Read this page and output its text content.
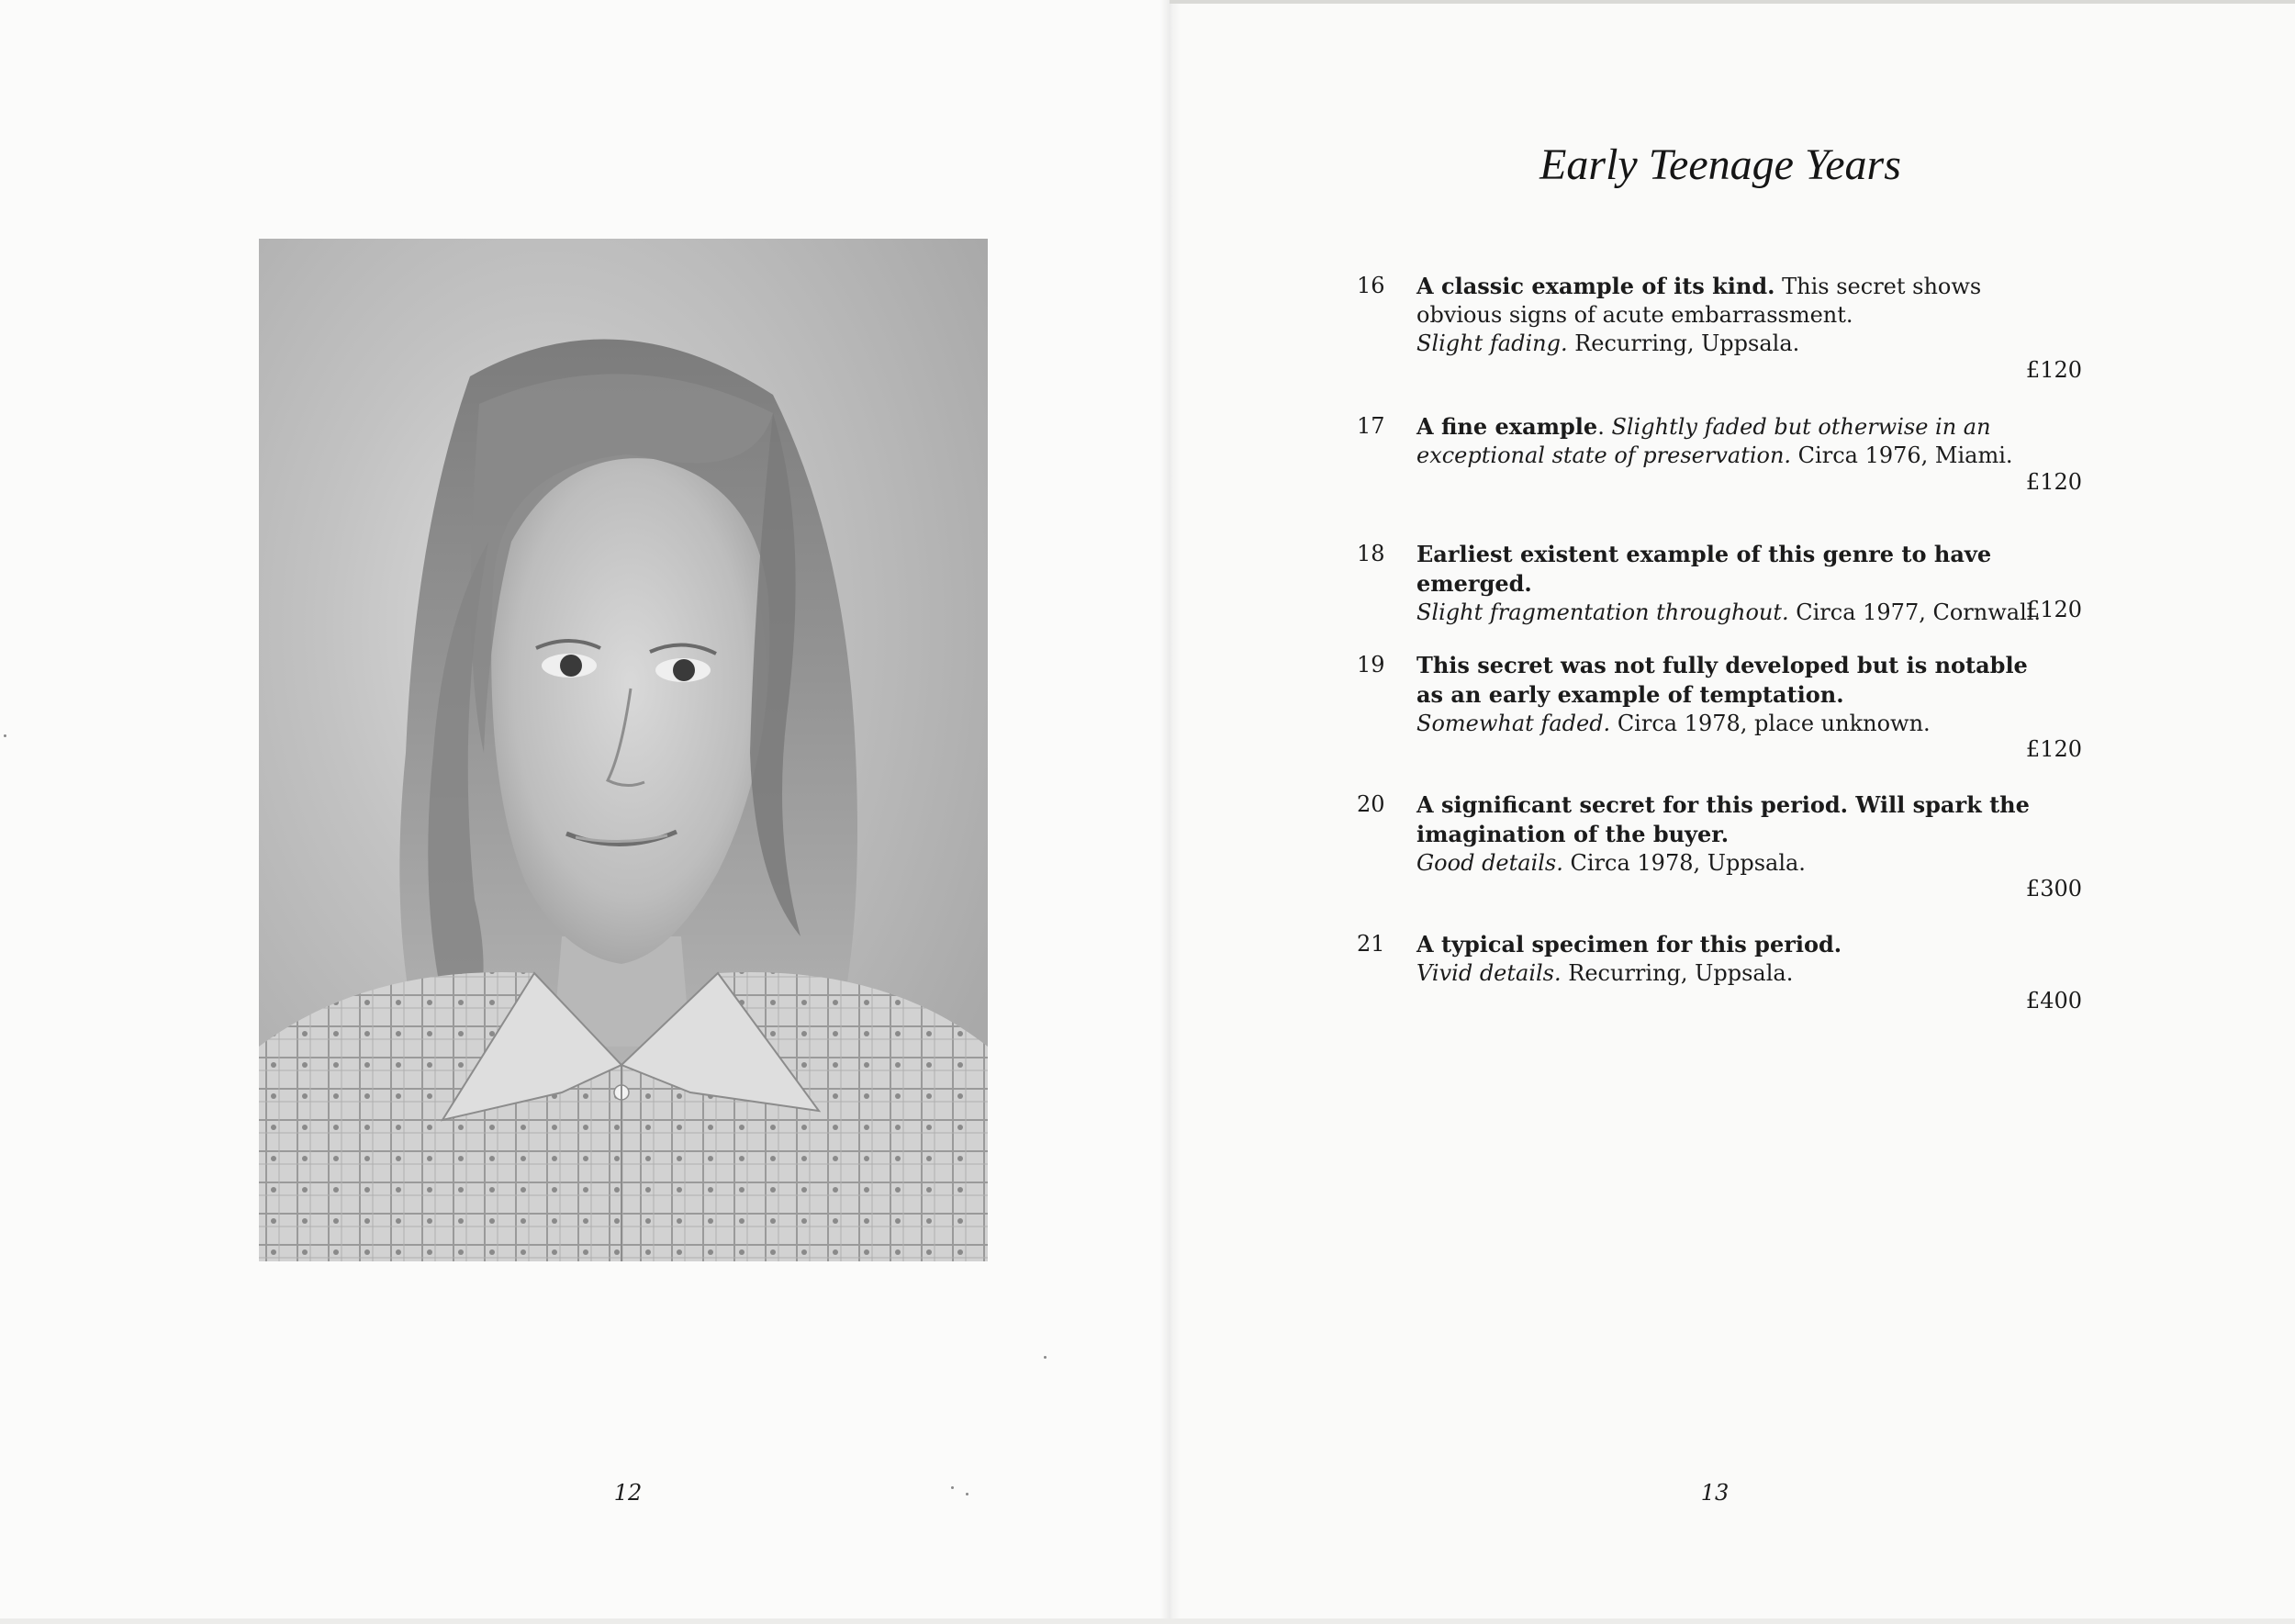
12
Early Teenage Years
16	A classic example of its kind. This secret shows obvious signs of acute embarrassment.
Slight fading. Recurring, Uppsala.
£120
17	A fine example. Slightly faded but otherwise in an exceptional state of preservation. Circa 1976, Miami.
£120
18	Earliest existent example of this genre to have emerged.
Slight fragmentation throughout. Circa 1977, Cornwall.
£120
19	This secret was not fully developed but is notable as an early example of temptation.
Somewhat faded. Circa 1978, place unknown.
£120
20	A significant secret for this period. Will spark the imagination of the buyer.
Good details. Circa 1978, Uppsala.
£300
21	A typical specimen for this period.
Vivid details. Recurring, Uppsala.
£400
13
